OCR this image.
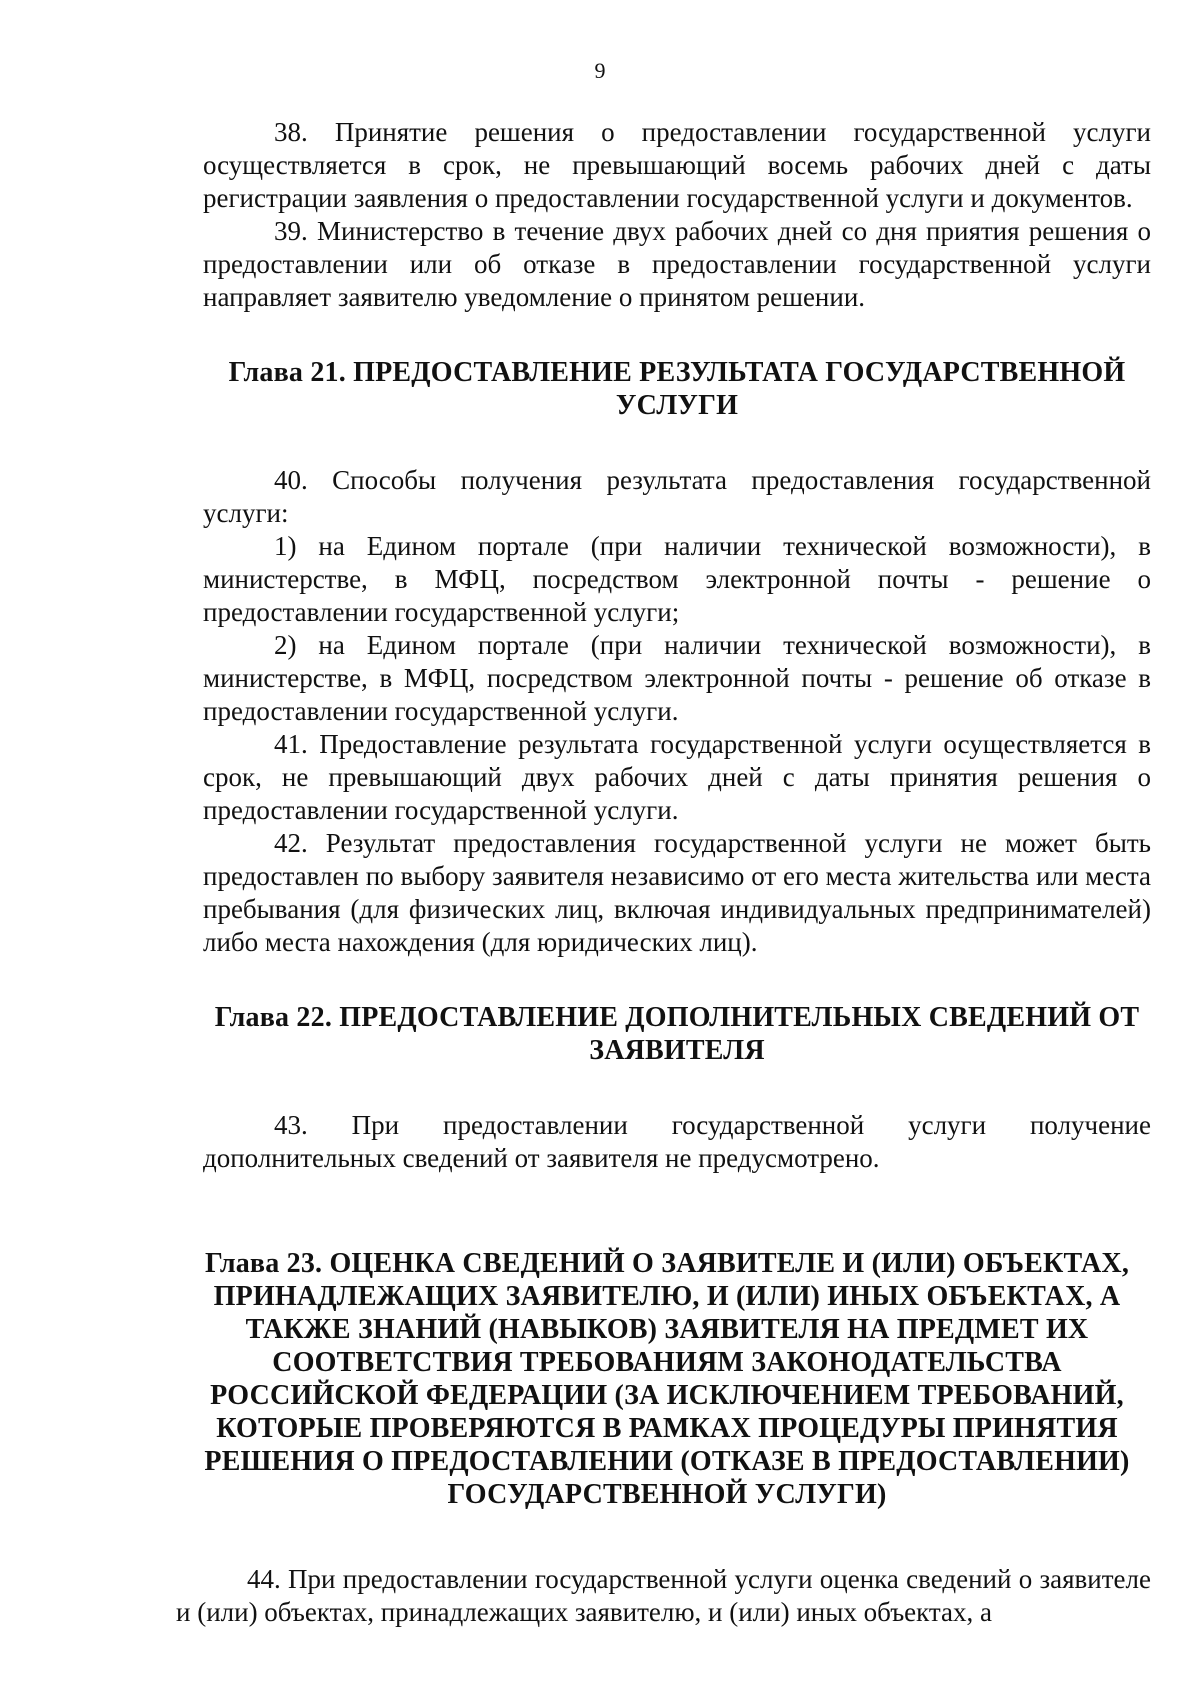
9

38. Принятие решения о предоставлении государственной услуги осуществляется в срок, не превышающий восемь рабочих дней с даты регистрации заявления о предоставлении государственной услуги и документов.

39. Министерство в течение двух рабочих дней со дня приятия решения о предоставлении или об отказе в предоставлении государственной услуги направляет заявителю уведомление о принятом решении.

Глава 21. ПРЕДОСТАВЛЕНИЕ РЕЗУЛЬТАТА ГОСУДАРСТВЕННОЙ УСЛУГИ

40. Способы получения результата предоставления государственной услуги:

1) на Едином портале (при наличии технической возможности), в министерстве, в МФЦ, посредством электронной почты - решение о предоставлении государственной услуги;

2) на Едином портале (при наличии технической возможности), в министерстве, в МФЦ, посредством электронной почты - решение об отказе в предоставлении государственной услуги.

41. Предоставление результата государственной услуги осуществляется в срок, не превышающий двух рабочих дней с даты принятия решения о предоставлении государственной услуги.

42. Результат предоставления государственной услуги не может быть предоставлен по выбору заявителя независимо от его места жительства или места пребывания (для физических лиц, включая индивидуальных предпринимателей) либо места нахождения (для юридических лиц).

Глава 22. ПРЕДОСТАВЛЕНИЕ ДОПОЛНИТЕЛЬНЫХ СВЕДЕНИЙ ОТ ЗАЯВИТЕЛЯ

43. При предоставлении государственной услуги получение дополнительных сведений от заявителя не предусмотрено.

Глава 23. ОЦЕНКА СВЕДЕНИЙ О ЗАЯВИТЕЛЕ И (ИЛИ) ОБЪЕКТАХ, ПРИНАДЛЕЖАЩИХ ЗАЯВИТЕЛЮ, И (ИЛИ) ИНЫХ ОБЪЕКТАХ, А ТАКЖЕ ЗНАНИЙ (НАВЫКОВ) ЗАЯВИТЕЛЯ НА ПРЕДМЕТ ИХ СООТВЕТСТВИЯ ТРЕБОВАНИЯМ ЗАКОНОДАТЕЛЬСТВА РОССИЙСКОЙ ФЕДЕРАЦИИ (ЗА ИСКЛЮЧЕНИЕМ ТРЕБОВАНИЙ, КОТОРЫЕ ПРОВЕРЯЮТСЯ В РАМКАХ ПРОЦЕДУРЫ ПРИНЯТИЯ РЕШЕНИЯ О ПРЕДОСТАВЛЕНИИ (ОТКАЗЕ В ПРЕДОСТАВЛЕНИИ) ГОСУДАРСТВЕННОЙ УСЛУГИ)

44. При предоставлении государственной услуги оценка сведений о заявителе и (или) объектах, принадлежащих заявителю, и (или) иных объектах, а
